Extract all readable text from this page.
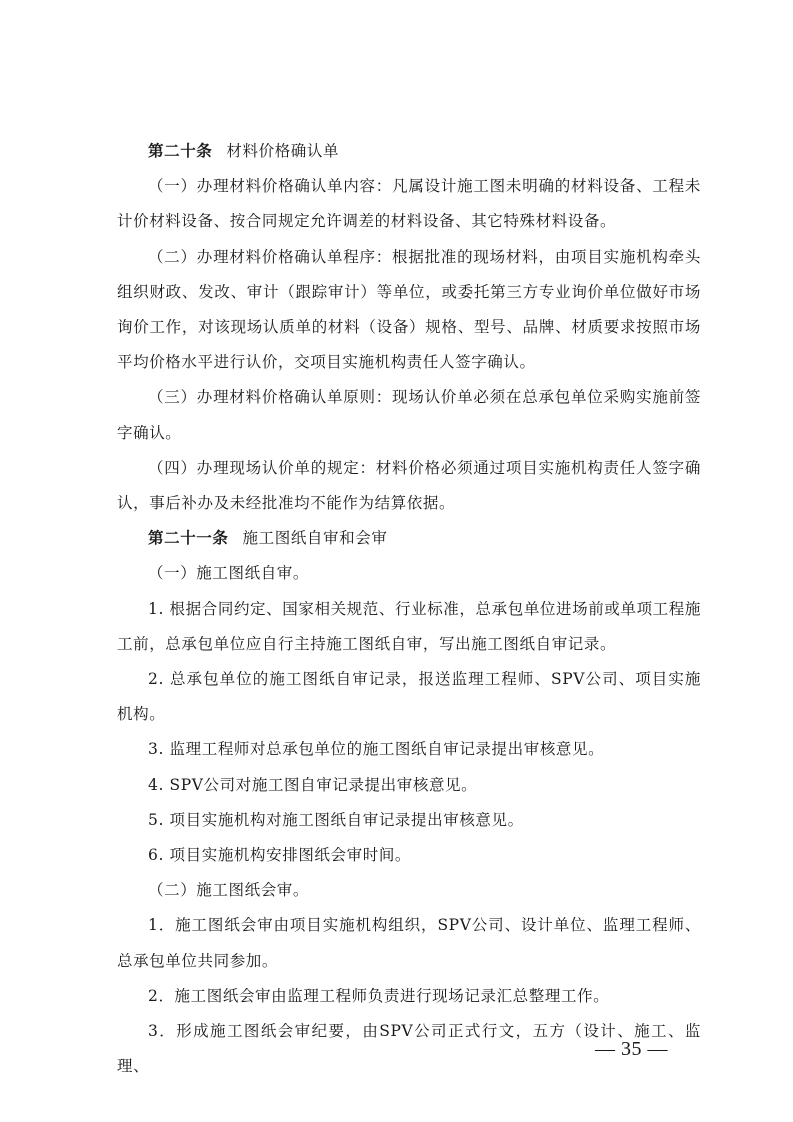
第二十条 材料价格确认单

（一）办理材料价格确认单内容：凡属设计施工图未明确的材料设备、工程未计价材料设备、按合同规定允许调差的材料设备、其它特殊材料设备。

（二）办理材料价格确认单程序：根据批准的现场材料，由项目实施机构牵头组织财政、发改、审计（跟踪审计）等单位，或委托第三方专业询价单位做好市场询价工作，对该现场认质单的材料（设备）规格、型号、品牌、材质要求按照市场平均价格水平进行认价，交项目实施机构责任人签字确认。

（三）办理材料价格确认单原则：现场认价单必须在总承包单位采购实施前签字确认。

（四）办理现场认价单的规定：材料价格必须通过项目实施机构责任人签字确认，事后补办及未经批准均不能作为结算依据。

第二十一条 施工图纸自审和会审

（一）施工图纸自审。

1. 根据合同约定、国家相关规范、行业标准，总承包单位进场前或单项工程施工前，总承包单位应自行主持施工图纸自审，写出施工图纸自审记录。

2. 总承包单位的施工图纸自审记录，报送监理工程师、SPV公司、项目实施机构。

3. 监理工程师对总承包单位的施工图纸自审记录提出审核意见。

4. SPV公司对施工图自审记录提出审核意见。

5. 项目实施机构对施工图纸自审记录提出审核意见。

6. 项目实施机构安排图纸会审时间。

（二）施工图纸会审。

1．施工图纸会审由项目实施机构组织，SPV公司、设计单位、监理工程师、总承包单位共同参加。

2．施工图纸会审由监理工程师负责进行现场记录汇总整理工作。

3．形成施工图纸会审纪要，由SPV公司正式行文，五方（设计、施工、监理、

— 35 —
